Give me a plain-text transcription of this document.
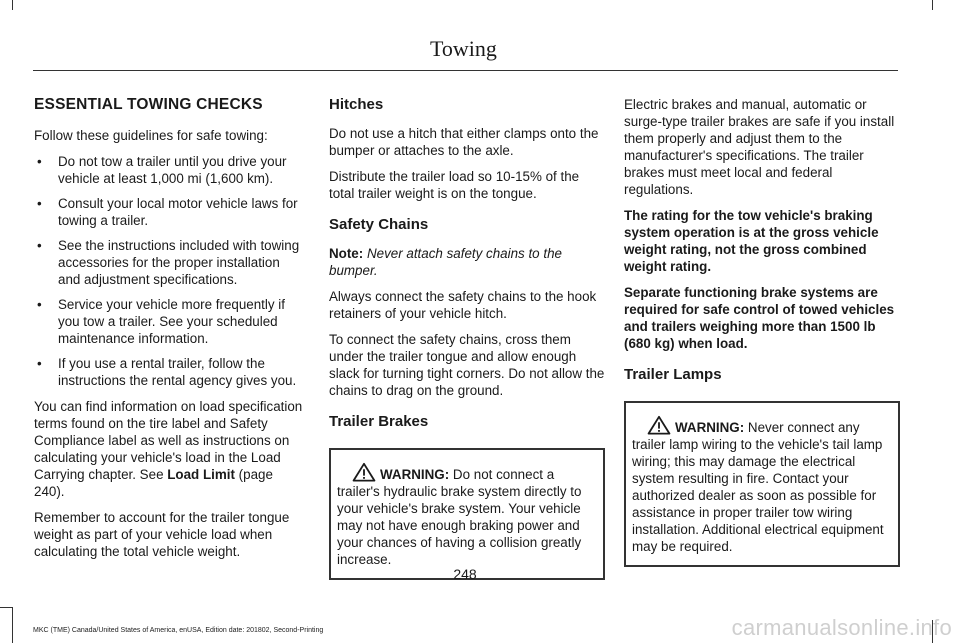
Towing
ESSENTIAL TOWING CHECKS

Follow these guidelines for safe towing:

• Do not tow a trailer until you drive your vehicle at least 1,000 mi (1,600 km).
• Consult your local motor vehicle laws for towing a trailer.
• See the instructions included with towing accessories for the proper installation and adjustment specifications.
• Service your vehicle more frequently if you tow a trailer. See your scheduled maintenance information.
• If you use a rental trailer, follow the instructions the rental agency gives you.

You can find information on load specification terms found on the tire label and Safety Compliance label as well as instructions on calculating your vehicle's load in the Load Carrying chapter. See Load Limit (page 240).

Remember to account for the trailer tongue weight as part of your vehicle load when calculating the total vehicle weight.

Hitches

Do not use a hitch that either clamps onto the bumper or attaches to the axle.

Distribute the trailer load so 10-15% of the total trailer weight is on the tongue.

Safety Chains

Note: Never attach safety chains to the bumper.

Always connect the safety chains to the hook retainers of your vehicle hitch.

To connect the safety chains, cross them under the trailer tongue and allow enough slack for turning tight corners. Do not allow the chains to drag on the ground.

Trailer Brakes
WARNING: Do not connect a trailer's hydraulic brake system directly to your vehicle's brake system. Your vehicle may not have enough braking power and your chances of having a collision greatly increase.

Electric brakes and manual, automatic or surge-type trailer brakes are safe if you install them properly and adjust them to the manufacturer's specifications. The trailer brakes must meet local and federal regulations.

The rating for the tow vehicle's braking system operation is at the gross vehicle weight rating, not the gross combined weight rating.

Separate functioning brake systems are required for safe control of towed vehicles and trailers weighing more than 1500 lb (680 kg) when load.

Trailer Lamps
WARNING: Never connect any trailer lamp wiring to the vehicle's tail lamp wiring; this may damage the electrical system resulting in fire. Contact your authorized dealer as soon as possible for assistance in proper trailer tow wiring installation. Additional electrical equipment may be required.
248
MKC (TME) Canada/United States of America, enUSA, Edition date: 201802, Second-Printing	carmanualsonline.info
